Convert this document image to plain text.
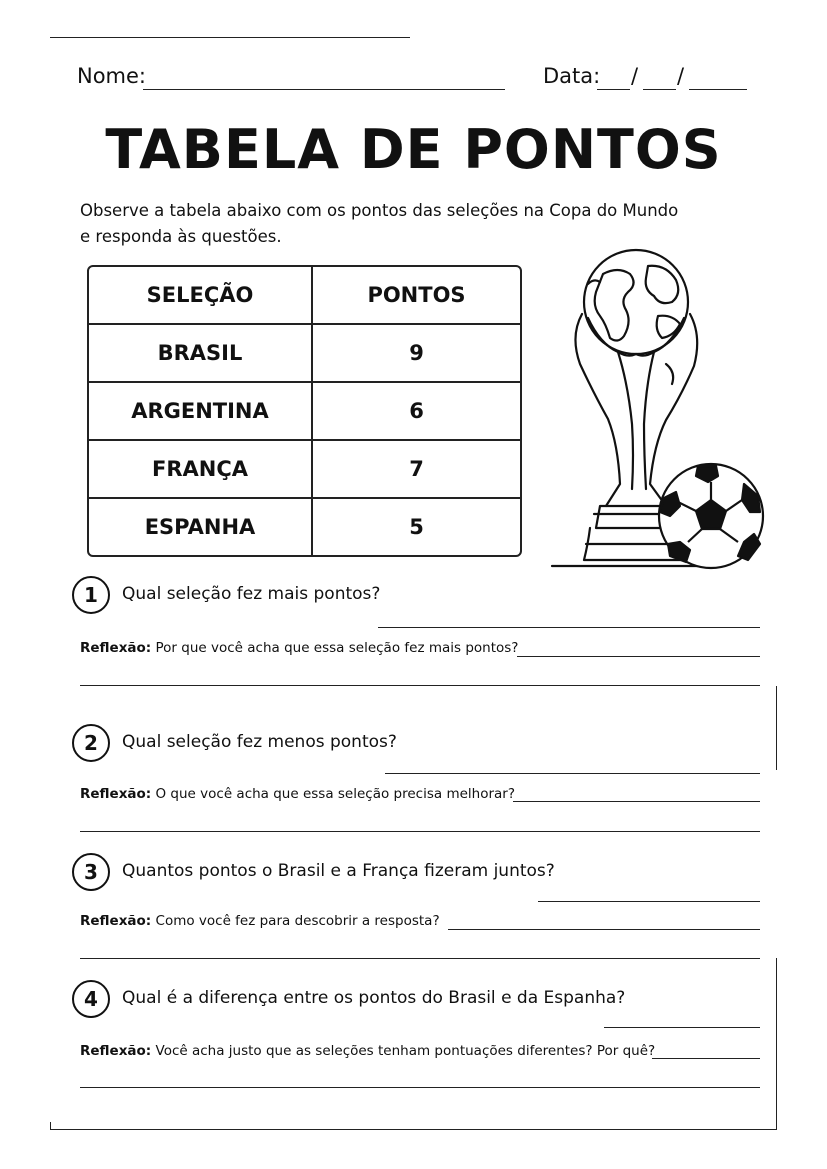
Nome:	Data: / /
TABELA DE PONTOS
Observe a tabela abaixo com os pontos das seleções na Copa do Mundo e responda às questões.
SELEÇÃO	PONTOS
BRASIL	9
ARGENTINA	6
FRANÇA	7
ESPANHA	5
1	Qual seleção fez mais pontos?
Reflexão: Por que você acha que essa seleção fez mais pontos?
2	Qual seleção fez menos pontos?
Reflexão: O que você acha que essa seleção precisa melhorar?
3	Quantos pontos o Brasil e a França fizeram juntos?
Reflexão: Como você fez para descobrir a resposta?
4	Qual é a diferença entre os pontos do Brasil e da Espanha?
Reflexão: Você acha justo que as seleções tenham pontuações diferentes? Por quê?
